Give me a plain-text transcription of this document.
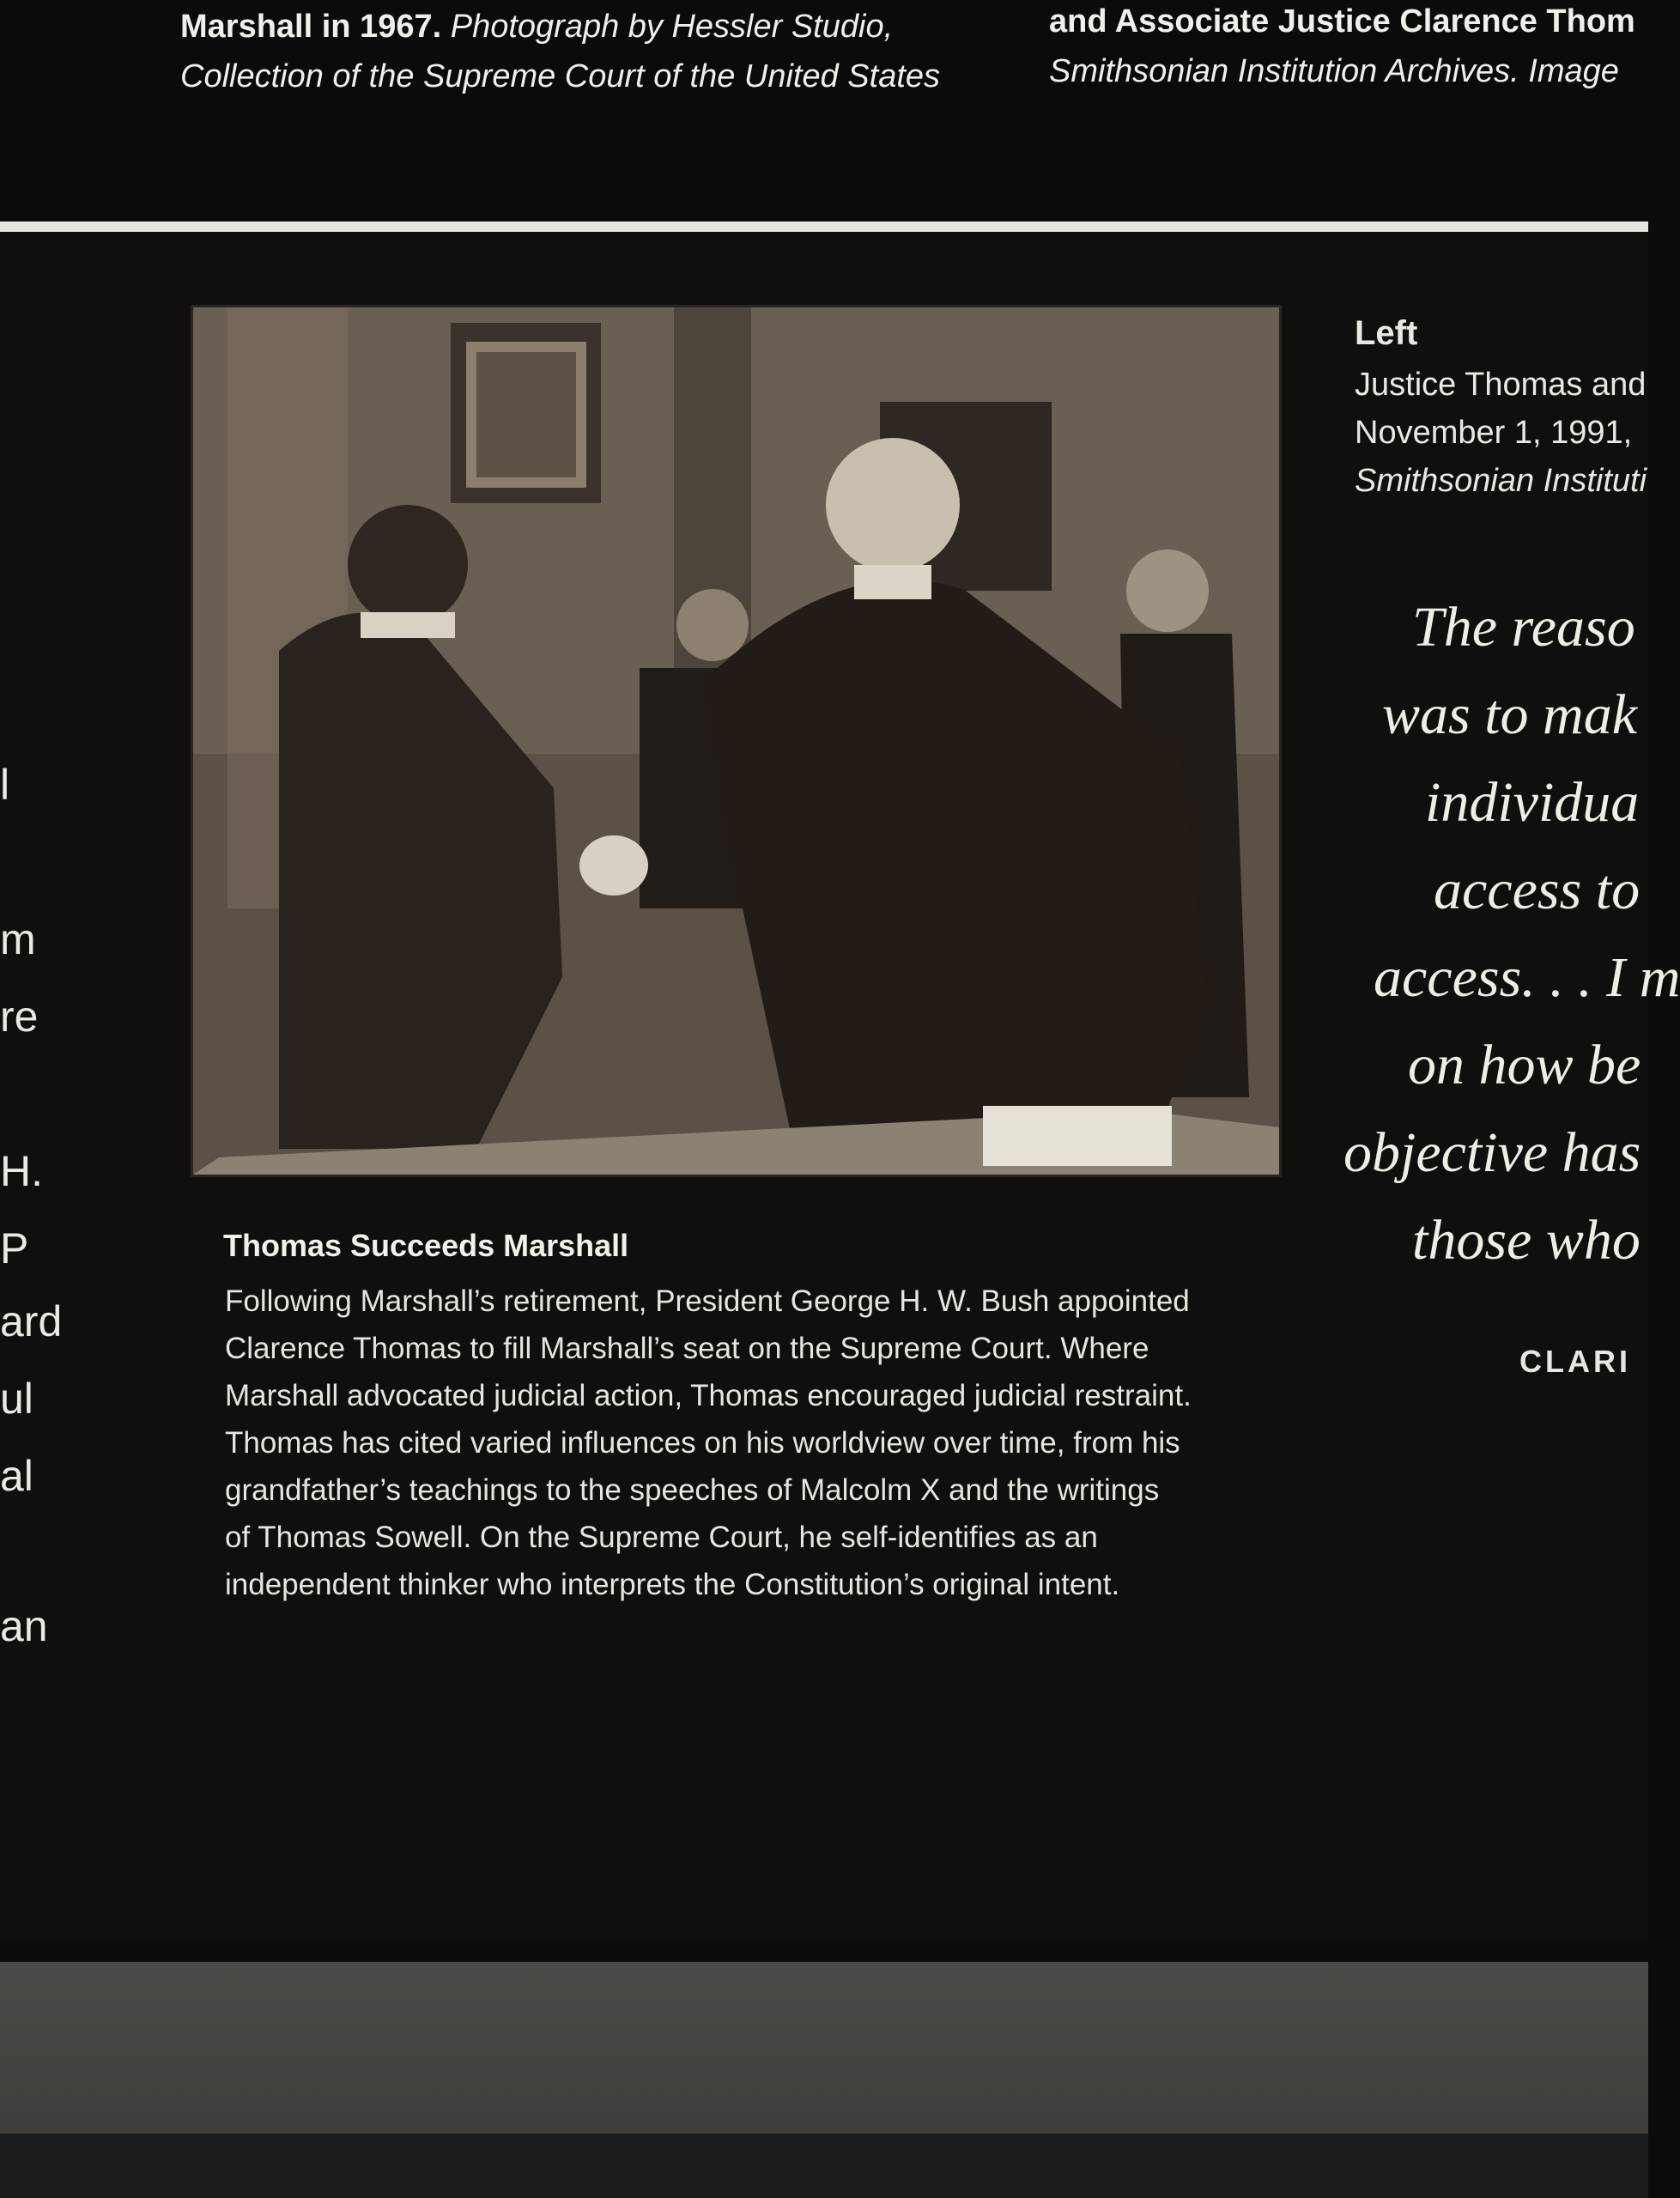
Marshall in 1967. Photograph by Hessler Studio,
Collection of the Supreme Court of the United States
and Associate Justice Clarence Thom
Smithsonian Institution Archives. Image
l
m
re
H.
P
ard
ul
al
an
Thomas Succeeds Marshall
Following Marshall’s retirement, President George H. W. Bush appointed
Clarence Thomas to fill Marshall’s seat on the Supreme Court. Where
Marshall advocated judicial action, Thomas encouraged judicial restraint.
Thomas has cited varied influences on his worldview over time, from his
grandfather’s teachings to the speeches of Malcolm X and the writings
of Thomas Sowell. On the Supreme Court, he self-identifies as an
independent thinker who interprets the Constitution’s original intent.
Left
Justice Thomas and
November 1, 1991,
Smithsonian Instituti
The reaso
was to mak
individua
access to
access. . . I m
on how be
objective has
those who
CLARI
